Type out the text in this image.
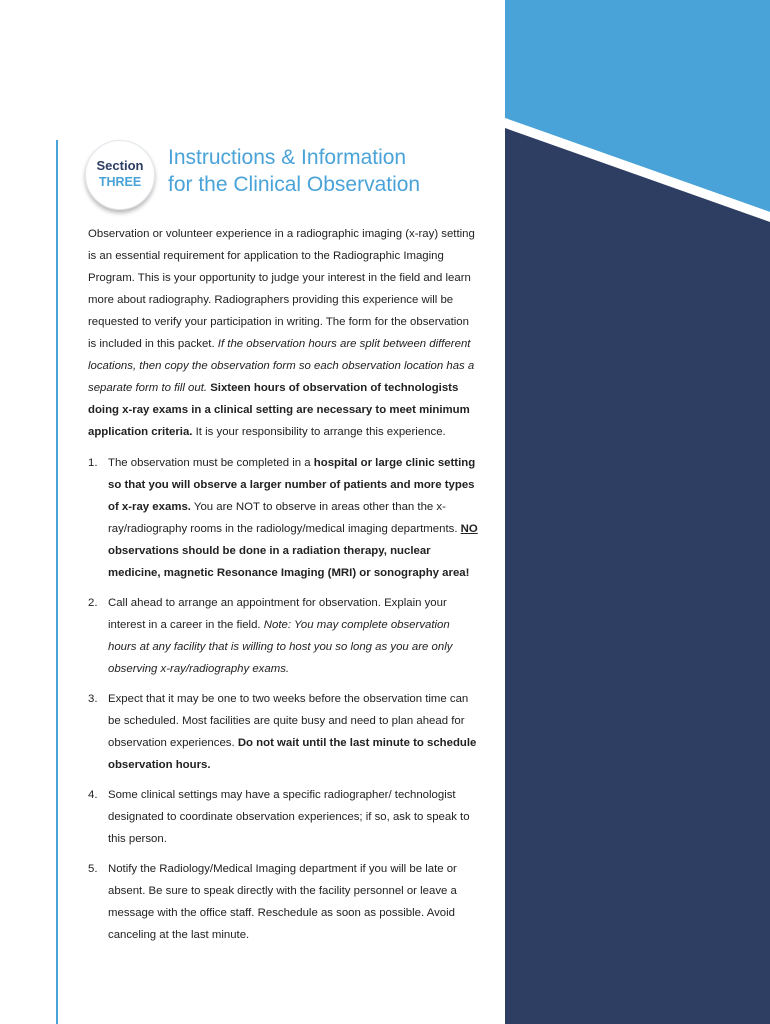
Section
THREE
Instructions & Information
for the Clinical Observation

Observation or volunteer experience in a radiographic imaging (x-ray) setting is an essential requirement for application to the Radiographic Imaging Program. This is your opportunity to judge your interest in the field and learn more about radiography. Radiographers providing this experience will be requested to verify your participation in writing. The form for the observation is included in this packet. If the observation hours are split between different locations, then copy the observation form so each observation location has a separate form to fill out. Sixteen hours of observation of technologists doing x-ray exams in a clinical setting are necessary to meet minimum application criteria. It is your responsibility to arrange this experience.

1. The observation must be completed in a hospital or large clinic setting so that you will observe a larger number of patients and more types of x-ray exams. You are NOT to observe in areas other than the x-ray/radiography rooms in the radiology/medical imaging departments. NO observations should be done in a radiation therapy, nuclear medicine, magnetic Resonance Imaging (MRI) or sonography area!
2. Call ahead to arrange an appointment for observation. Explain your interest in a career in the field. Note: You may complete observation hours at any facility that is willing to host you so long as you are only observing x-ray/radiography exams.
3. Expect that it may be one to two weeks before the observation time can be scheduled. Most facilities are quite busy and need to plan ahead for observation experiences. Do not wait until the last minute to schedule observation hours.
4. Some clinical settings may have a specific radiographer/ technologist designated to coordinate observation experiences; if so, ask to speak to this person.
5. Notify the Radiology/Medical Imaging department if you will be late or absent. Be sure to speak directly with the facility personnel or leave a message with the office staff. Reschedule as soon as possible. Avoid canceling at the last minute.
